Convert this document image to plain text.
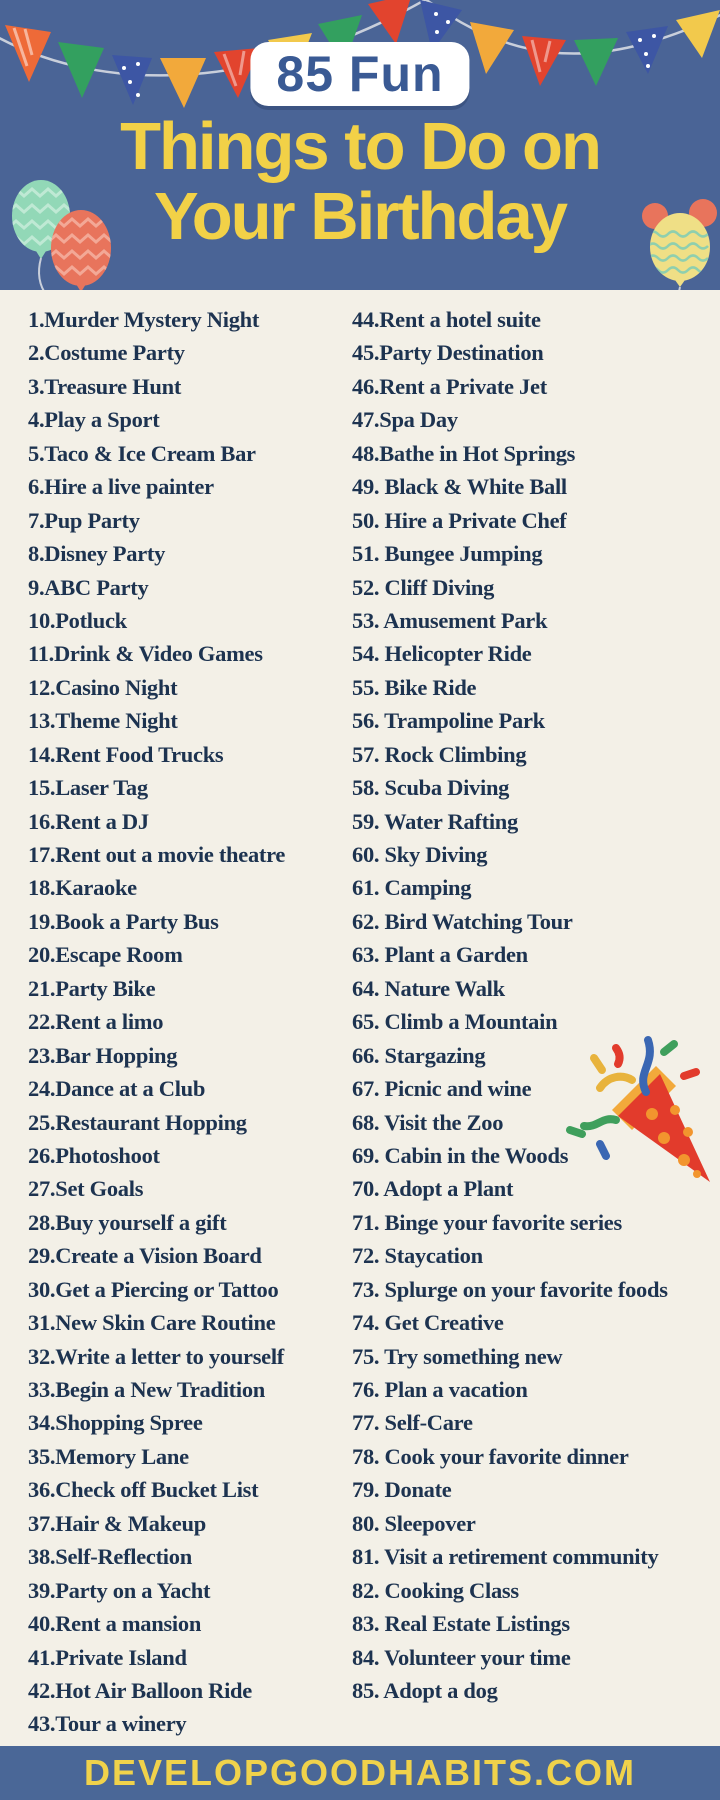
85 Fun
Things to Do on
Your Birthday
1.Murder Mystery Night
2.Costume Party
3.Treasure Hunt
4.Play a Sport
5.Taco & Ice Cream Bar
6.Hire a live painter
7.Pup Party
8.Disney Party
9.ABC Party
10.Potluck
11.Drink & Video Games
12.Casino Night
13.Theme Night
14.Rent Food Trucks
15.Laser Tag
16.Rent a DJ
17.Rent out a movie theatre
18.Karaoke
19.Book a Party Bus
20.Escape Room
21.Party Bike
22.Rent a limo
23.Bar Hopping
24.Dance at a Club
25.Restaurant Hopping
26.Photoshoot
27.Set Goals
28.Buy yourself a gift
29.Create a Vision Board
30.Get a Piercing or Tattoo
31.New Skin Care Routine
32.Write a letter to yourself
33.Begin a New Tradition
34.Shopping Spree
35.Memory Lane
36.Check off Bucket List
37.Hair & Makeup
38.Self-Reflection
39.Party on a Yacht
40.Rent a mansion
41.Private Island
42.Hot Air Balloon Ride
43.Tour a winery
44.Rent a hotel suite
45.Party Destination
46.Rent a Private Jet
47.Spa Day
48.Bathe in Hot Springs
49. Black & White Ball
50. Hire a Private Chef
51. Bungee Jumping
52. Cliff Diving
53. Amusement Park
54. Helicopter Ride
55. Bike Ride
56. Trampoline Park
57. Rock Climbing
58. Scuba Diving
59. Water Rafting
60. Sky Diving
61. Camping
62. Bird Watching Tour
63. Plant a Garden
64. Nature Walk
65. Climb a Mountain
66. Stargazing
67. Picnic and wine
68. Visit the Zoo
69. Cabin in the Woods
70. Adopt a Plant
71. Binge your favorite series
72. Staycation
73. Splurge on your favorite foods
74. Get Creative
75. Try something new
76. Plan a vacation
77. Self-Care
78. Cook your favorite dinner
79. Donate
80. Sleepover
81. Visit a retirement community
82. Cooking Class
83. Real Estate Listings
84. Volunteer your time
85. Adopt a dog
DEVELOPGOODHABITS.COM
